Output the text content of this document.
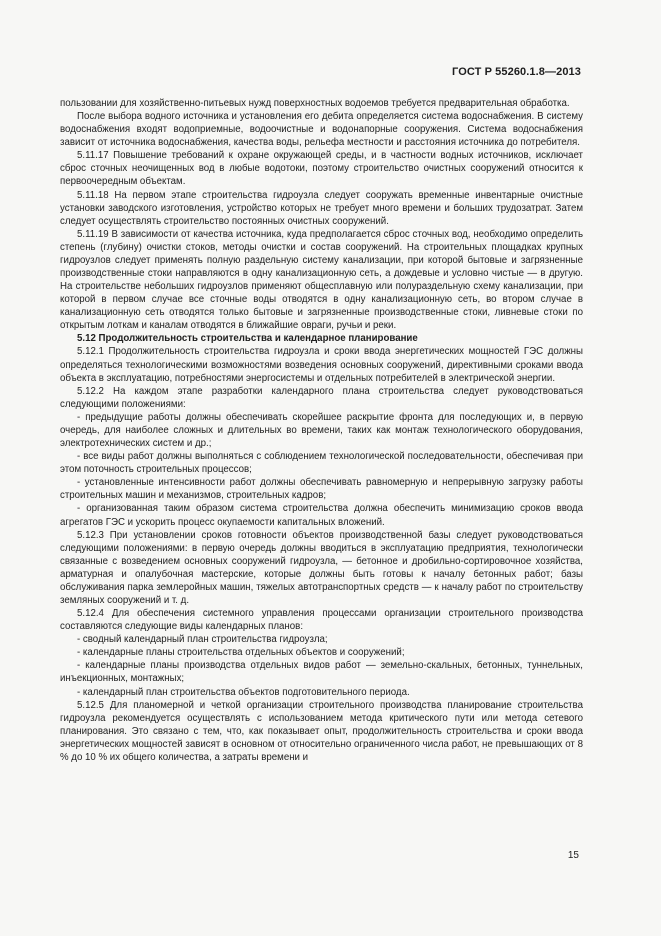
ГОСТ Р 55260.1.8—2013

пользовании для хозяйственно-питьевых нужд поверхностных водоемов требуется предварительная обработка.

После выбора водного источника и установления его дебита определяется система водоснабжения. В систему водоснабжения входят водоприемные, водоочистные и водонапорные сооружения. Система водоснабжения зависит от источника водоснабжения, качества воды, рельефа местности и расстояния источника до потребителя.

5.11.17 Повышение требований к охране окружающей среды, и в частности водных источников, исключает сброс сточных неочищенных вод в любые водотоки, поэтому строительство очистных сооружений относится к первоочередным объектам.

5.11.18 На первом этапе строительства гидроузла следует сооружать временные инвентарные очистные установки заводского изготовления, устройство которых не требует много времени и больших трудозатрат. Затем следует осуществлять строительство постоянных очистных сооружений.

5.11.19 В зависимости от качества источника, куда предполагается сброс сточных вод, необходимо определить степень (глубину) очистки стоков, методы очистки и состав сооружений. На строительных площадках крупных гидроузлов следует применять полную раздельную систему канализации, при которой бытовые и загрязненные производственные стоки направляются в одну канализационную сеть, а дождевые и условно чистые — в другую. На строительстве небольших гидроузлов применяют общесплавную или полураздельную схему канализации, при которой в первом случае все сточные воды отводятся в одну канализационную сеть, во втором случае в канализационную сеть отводятся только бытовые и загрязненные производственные стоки, ливневые стоки по открытым лоткам и каналам отводятся в ближайшие овраги, ручьи и реки.

5.12 Продолжительность строительства и календарное планирование

5.12.1 Продолжительность строительства гидроузла и сроки ввода энергетических мощностей ГЭС должны определяться технологическими возможностями возведения основных сооружений, директивными сроками ввода объекта в эксплуатацию, потребностями энергосистемы и отдельных потребителей в электрической энергии.

5.12.2 На каждом этапе разработки календарного плана строительства следует руководствоваться следующими положениями:

- предыдущие работы должны обеспечивать скорейшее раскрытие фронта для последующих и, в первую очередь, для наиболее сложных и длительных во времени, таких как монтаж технологического оборудования, электротехнических систем и др.;

- все виды работ должны выполняться с соблюдением технологической последовательности, обеспечивая при этом поточность строительных процессов;

- установленные интенсивности работ должны обеспечивать равномерную и непрерывную загрузку работы строительных машин и механизмов, строительных кадров;

- организованная таким образом система строительства должна обеспечить минимизацию сроков ввода агрегатов ГЭС и ускорить процесс окупаемости капитальных вложений.

5.12.3 При установлении сроков готовности объектов производственной базы следует руководствоваться следующими положениями: в первую очередь должны вводиться в эксплуатацию предприятия, технологически связанные с возведением основных сооружений гидроузла, — бетонное и дробильно-сортировочное хозяйства, арматурная и опалубочная мастерские, которые должны быть готовы к началу бетонных работ; базы обслуживания парка землеройных машин, тяжелых автотранспортных средств — к началу работ по строительству земляных сооружений и т. д.

5.12.4 Для обеспечения системного управления процессами организации строительного производства составляются следующие виды календарных планов:

- сводный календарный план строительства гидроузла;

- календарные планы строительства отдельных объектов и сооружений;

- календарные планы производства отдельных видов работ — земельно-скальных, бетонных, туннельных, инъекционных, монтажных;

- календарный план строительства объектов подготовительного периода.

5.12.5 Для планомерной и четкой организации строительного производства планирование строительства гидроузла рекомендуется осуществлять с использованием метода критического пути или метода сетевого планирования. Это связано с тем, что, как показывает опыт, продолжительность строительства и сроки ввода энергетических мощностей зависят в основном от относительно ограниченного числа работ, не превышающих от 8 % до 10 % их общего количества, а затраты времени и

15
